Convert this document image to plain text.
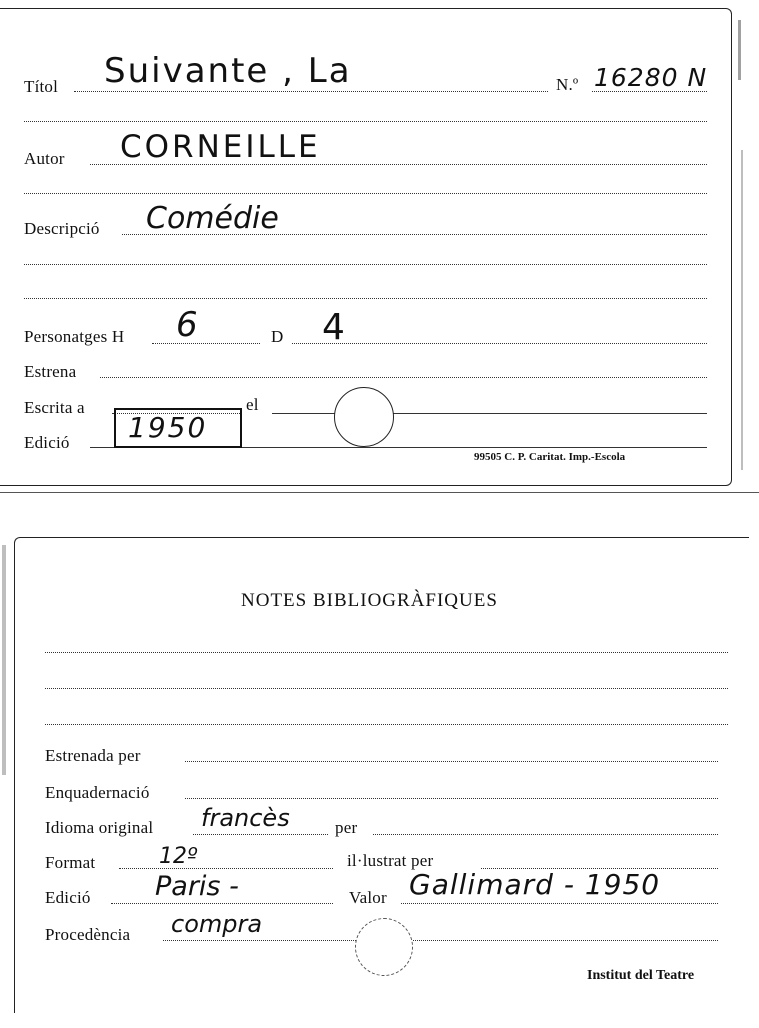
Títol Suivante , La	N.º 16280 N
Autor CORNEILLE
Descripció Comédie
Personatges H 6	D 4
Estrena
Escrita a	el
Edició 1950
99505 C. P. Caritat. Imp.-Escola
NOTES BIBLIOGRÀFIQUES
Estrenada per
Enquadernació
Idioma original francès	per
Format	12º	il·lustrat per
Edició Paris -	Valor Gallimard - 1950
Procedència compra
Institut del Teatre
